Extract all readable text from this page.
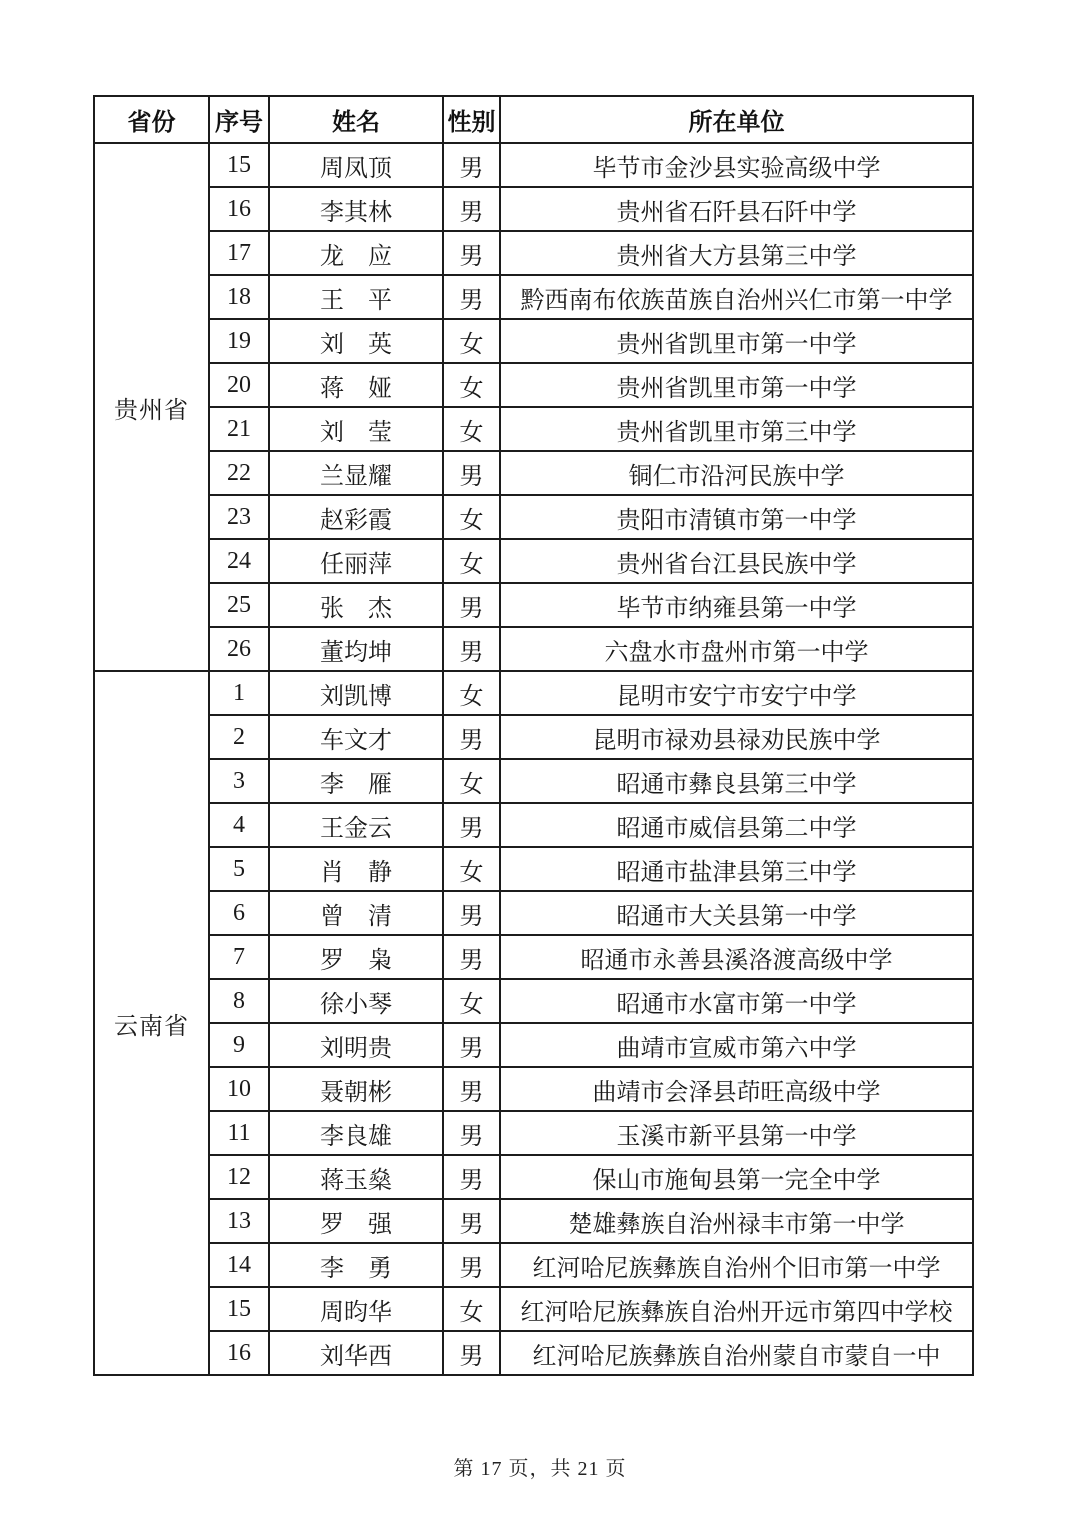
省份	序号	姓名	性别	所在单位
贵州省	15	周凤顶	男	毕节市金沙县实验高级中学
	16	李其林	男	贵州省石阡县石阡中学
	17	龙　应	男	贵州省大方县第三中学
	18	王　平	男	黔西南布依族苗族自治州兴仁市第一中学
	19	刘　英	女	贵州省凯里市第一中学
	20	蒋　娅	女	贵州省凯里市第一中学
	21	刘　莹	女	贵州省凯里市第三中学
	22	兰显耀	男	铜仁市沿河民族中学
	23	赵彩霞	女	贵阳市清镇市第一中学
	24	任丽萍	女	贵州省台江县民族中学
	25	张　杰	男	毕节市纳雍县第一中学
	26	董均坤	男	六盘水市盘州市第一中学
云南省	1	刘凯博	女	昆明市安宁市安宁中学
	2	车文才	男	昆明市禄劝县禄劝民族中学
	3	李　雁	女	昭通市彝良县第三中学
	4	王金云	男	昭通市威信县第二中学
	5	肖　静	女	昭通市盐津县第三中学
	6	曾　清	男	昭通市大关县第一中学
	7	罗　枭	男	昭通市永善县溪洛渡高级中学
	8	徐小琴	女	昭通市水富市第一中学
	9	刘明贵	男	曲靖市宣威市第六中学
	10	聂朝彬	男	曲靖市会泽县茚旺高级中学
	11	李良雄	男	玉溪市新平县第一中学
	12	蒋玉燊	男	保山市施甸县第一完全中学
	13	罗　强	男	楚雄彝族自治州禄丰市第一中学
	14	李　勇	男	红河哈尼族彝族自治州个旧市第一中学
	15	周昀华	女	红河哈尼族彝族自治州开远市第四中学校
	16	刘华西	男	红河哈尼族彝族自治州蒙自市蒙自一中
第 17 页，共 21 页
